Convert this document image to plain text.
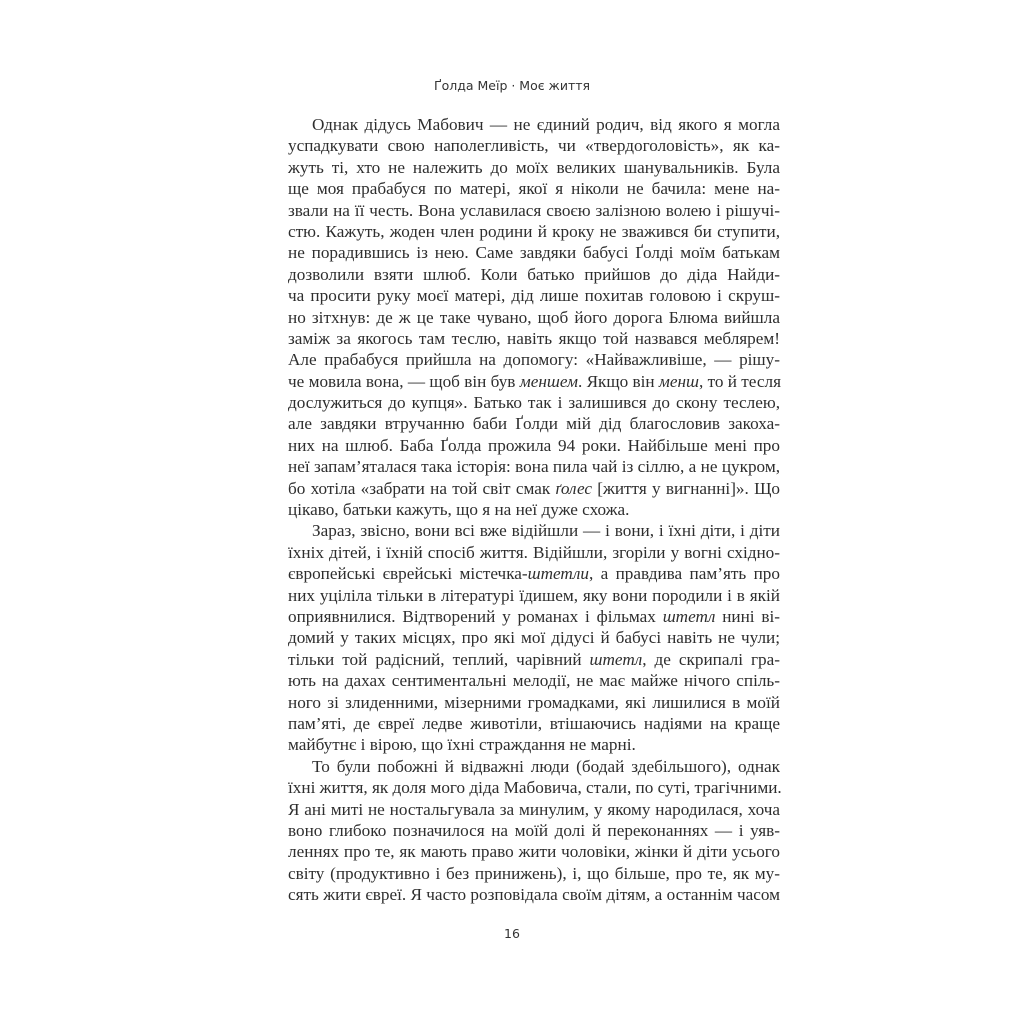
Ґолда Меїр · Моє життя
Однак дідусь Мабович — не єдиний родич, від якого я могла
успадкувати свою наполегливість, чи «твердоголовість», як ка-
жуть ті, хто не належить до моїх великих шанувальників. Була
ще моя прабабуся по матері, якої я ніколи не бачила: мене на-
звали на її честь. Вона уславилася своєю залізною волею і рішучі-
стю. Кажуть, жоден член родини й кроку не зважився би ступити,
не порадившись із нею. Саме завдяки бабусі Ґолді моїм батькам
дозволили взяти шлюб. Коли батько прийшов до діда Найди-
ча просити руку моєї матері, дід лише похитав головою і скруш-
но зітхнув: де ж це таке чувано, щоб його дорога Блюма вийшла
заміж за якогось там теслю, навіть якщо той назвався меблярем!
Але прабабуся прийшла на допомогу: «Найважливіше, — рішу-
че мовила вона, — щоб він був меншем. Якщо він менш, то й тесля
дослужиться до купця». Батько так і залишився до скону теслею,
але завдяки втручанню баби Ґолди мій дід благословив закоха-
них на шлюб. Баба Ґолда прожила 94 роки. Найбільше мені про
неї запам’яталася така історія: вона пила чай із сіллю, а не цукром,
бо хотіла «забрати на той світ смак ґолес [життя у вигнанні]». Що
цікаво, батьки кажуть, що я на неї дуже схожа.
Зараз, звісно, вони всі вже відійшли — і вони, і їхні діти, і діти
їхніх дітей, і їхній спосіб життя. Відійшли, згоріли у вогні східно-
європейські єврейські містечка-штетли, а правдива пам’ять про
них уціліла тільки в літературі їдишем, яку вони породили і в якій
оприявнилися. Відтворений у романах і фільмах штетл нині ві-
домий у таких місцях, про які мої дідусі й бабусі навіть не чули;
тільки той радісний, теплий, чарівний штетл, де скрипалі гра-
ють на дахах сентиментальні мелодії, не має майже нічого спіль-
ного зі злиденними, мізерними громадками, які лишилися в моїй
пам’яті, де євреї ледве животіли, втішаючись надіями на краще
майбутнє і вірою, що їхні страждання не марні.
То були побожні й відважні люди (бодай здебільшого), однак
їхні життя, як доля мого діда Мабовича, стали, по суті, трагічними.
Я ані миті не ностальгувала за минулим, у якому народилася, хоча
воно глибоко позначилося на моїй долі й переконаннях — і уяв-
леннях про те, як мають право жити чоловіки, жінки й діти усього
світу (продуктивно і без принижень), і, що більше, про те, як му-
сять жити євреї. Я часто розповідала своїм дітям, а останнім часом
16
